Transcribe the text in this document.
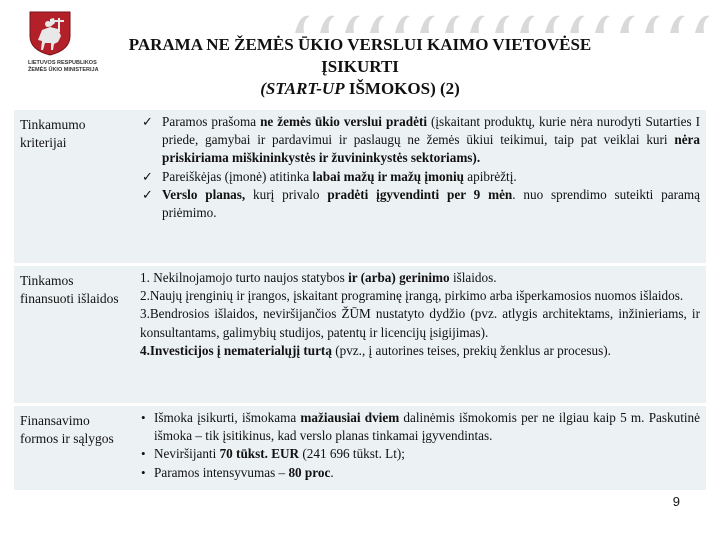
LIETUVOS RESPUBLIKOS
ŽEMĖS ŪKIO MINISTERIJA
PARAMA NE ŽEMĖS ŪKIO VERSLUI KAIMO VIETOVĖSE
ĮSIKURTI
(START-UP IŠMOKOS) (2)
Tinkamumo kriterijai
✓ Paramos prašoma ne žemės ūkio verslui pradėti (įskaitant produktų, kurie nėra nurodyti Sutarties I priede, gamybai ir pardavimui ir paslaugų ne žemės ūkiui teikimui, taip pat veiklai kuri nėra priskiriama miškininkystės ir žuvininkystės sektoriams).
✓ Pareiškėjas (įmonė) atitinka labai mažų ir mažų įmonių apibrėžtį.
✓ Verslo planas, kurį privalo pradėti įgyvendinti per 9 mėn. nuo sprendimo suteikti paramą priėmimo.
Tinkamos finansuoti išlaidos
1. Nekilnojamojo turto naujos statybos ir (arba) gerinimo išlaidos.
2.Naujų įrenginių ir įrangos, įskaitant programinę įrangą, pirkimo arba išperkamosios nuomos išlaidos.
3.Bendrosios išlaidos, neviršijančios ŽŪM nustatyto dydžio (pvz. atlygis architektams, inžinieriams, ir konsultantams, galimybių studijos, patentų ir licencijų įsigijimas).
4.Investicijos į nematerialųjį turtą (pvz., į autorines teises, prekių ženklus ar procesus).
Finansavimo formos ir sąlygos
• Išmoka įsikurti, išmokama mažiausiai dviem dalinėmis išmokomis per ne ilgiau kaip 5 m. Paskutinė išmoka – tik įsitikinus, kad verslo planas tinkamai įgyvendintas.
• Neviršijanti 70 tūkst. EUR (241 696 tūkst. Lt);
• Paramos intensyvumas – 80 proc.
9
